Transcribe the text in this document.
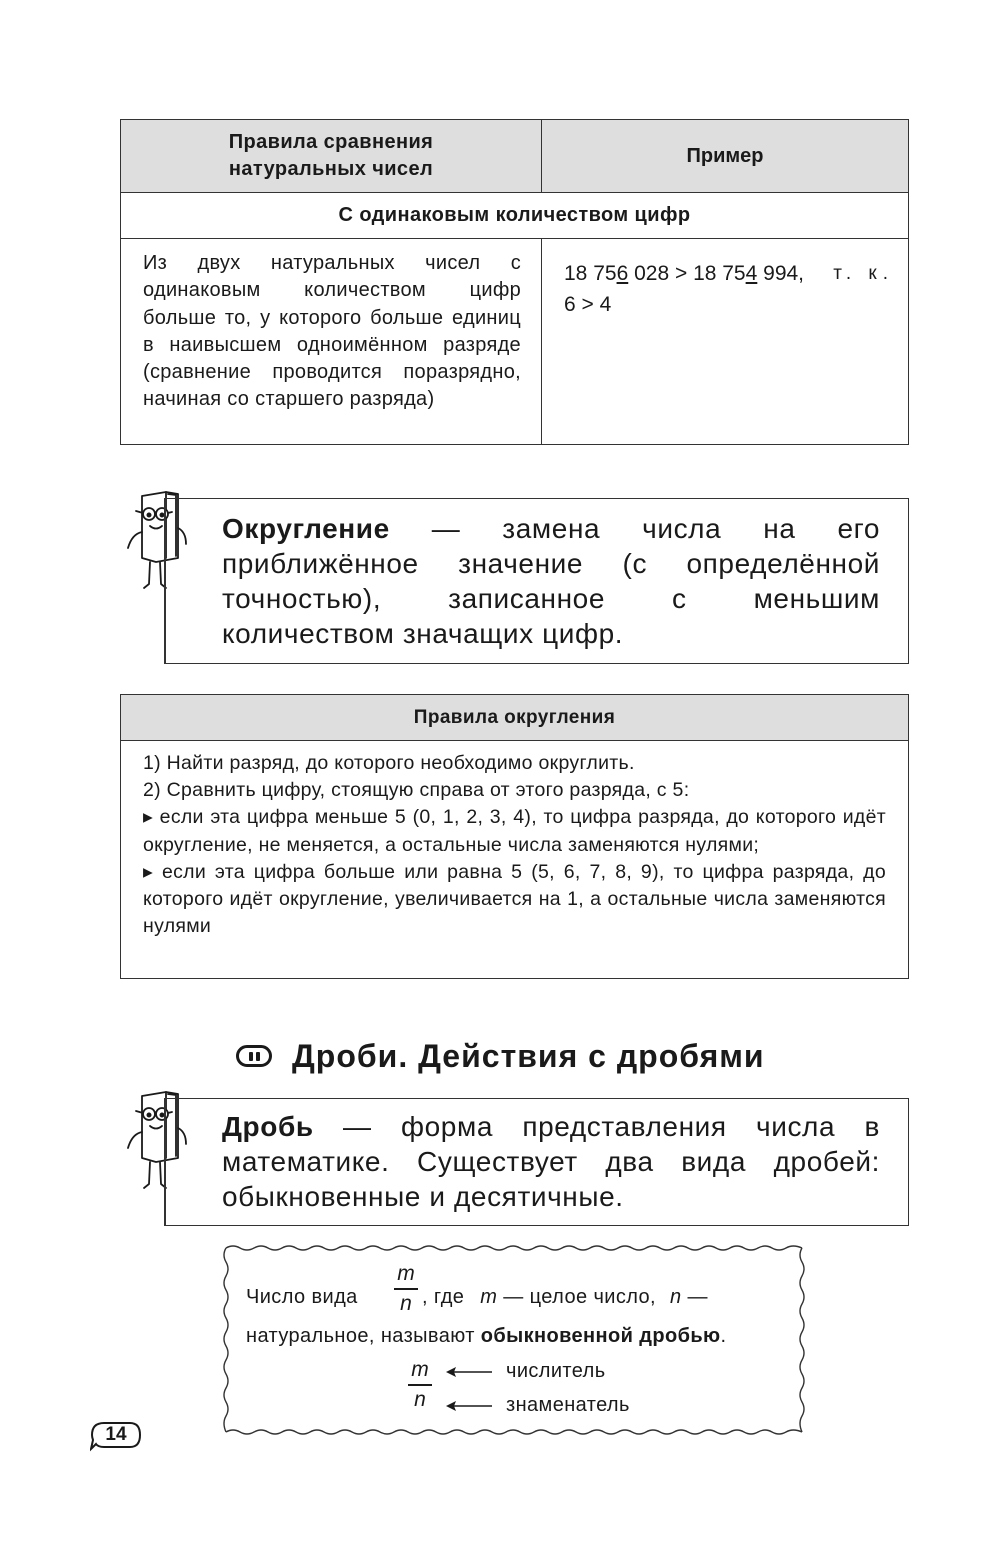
Правила сравнения
натуральных чисел
Пример
С одинаковым количеством цифр
Из двух натуральных чисел с одинаковым количеством цифр больше то, у которого больше единиц в наивысшем одноимённом разряде (сравнение проводится поразрядно, начиная со старшего разряда)
18 756 028 > 18 754 994, т. к.
6 > 4
Округление — замена числа на его приближённое значение (с определённой точностью), записанное с меньшим количеством значащих цифр.
Правила округления

1) Найти разряд, до которого необходимо округлить.

2) Сравнить цифру, стоящую справа от этого разряда, с 5:

▸ если эта цифра меньше 5 (0, 1, 2, 3, 4), то цифра разряда, до которого идёт округление, не меняется, а остальные числа заменяются нулями;

▸ если эта цифра больше или равна 5 (5, 6, 7, 8, 9), то цифра разряда, до которого идёт округление, увеличивается на 1, а остальные числа заменяются нулями

Дроби. Действия с дробями
Дробь — форма представления числа в математике. Существует два вида дробей: обыкновенные и десятичные.
Число вида
m
n , где m — целое число, n —
натуральное, называют обыкновенной дробью.
m
n
числитель
знаменатель
14
